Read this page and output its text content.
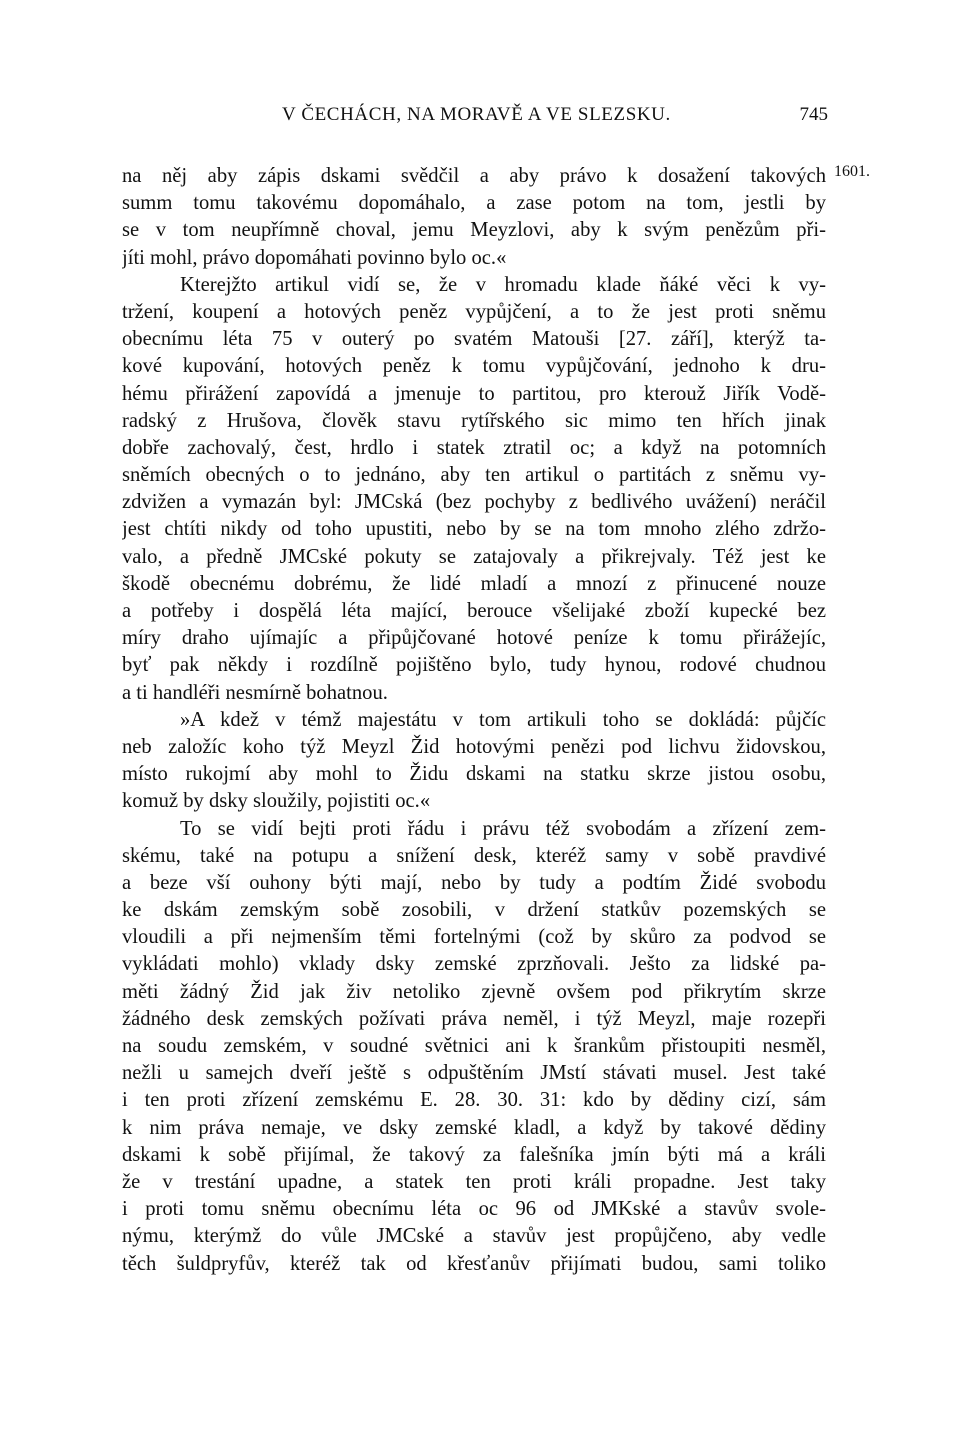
V ČECHÁCH, NA MORAVĚ A VE SLEZSKU.	745
1601.
na něj aby zápis dskami svědčil a aby právo k dosažení takových
summ tomu takovému dopomáhalo, a zase potom na tom, jestli by
se v tom neupřímně choval, jemu Meyzlovi, aby k svým penězům při-
jíti mohl, právo dopomáhati povinno bylo oc.«
Kterejžto artikul vidí se, že v hromadu klade ňáké věci k vy-
tržení, koupení a hotových peněz vypůjčení, a to že jest proti sněmu
obecnímu léta 75 v outerý po svatém Matouši [27. září], kterýž ta-
kové kupování, hotových peněz k tomu vypůjčování, jednoho k dru-
hému přirážení zapovídá a jmenuje to partitou, pro kterouž Jiřík Vodě-
radský z Hrušova, člověk stavu rytířského sic mimo ten hřích jinak
dobře zachovalý, čest, hrdlo i statek ztratil oc; a když na potomních
sněmích obecných o to jednáno, aby ten artikul o partitách z sněmu vy-
zdvižen a vymazán byl: JMCská (bez pochyby z bedlivého uvážení) neráčil
jest chtíti nikdy od toho upustiti, nebo by se na tom mnoho zlého zdržo-
valo, a předně JMCské pokuty se zatajovaly a přikrejvaly. Též jest ke
škodě obecnému dobrému, že lidé mladí a mnozí z přinucené nouze
a potřeby i dospělá léta mající, berouce všelijaké zboží kupecké bez
míry draho ujímajíc a připůjčované hotové peníze k tomu přirážejíc,
byť pak někdy i rozdílně pojištěno bylo, tudy hynou, rodové chudnou
a ti handléři nesmírně bohatnou.
»A kdež v témž majestátu v tom artikuli toho se dokládá: půjčíc
neb založíc koho týž Meyzl Žid hotovými penězi pod lichvu židovskou,
místo rukojmí aby mohl to Židu dskami na statku skrze jistou osobu,
komuž by dsky sloužily, pojistiti oc.«
To se vidí bejti proti řádu i právu též svobodám a zřízení zem-
skému, také na potupu a snížení desk, kteréž samy v sobě pravdivé
a beze vší ouhony býti mají, nebo by tudy a podtím Židé svobodu
ke dskám zemským sobě zosobili, v držení statkův pozemských se
vloudili a při nejmenším těmi fortelnými (což by skůro za podvod se
vykládati mohlo) vklady dsky zemské zprzňovali. Ješto za lidské pa-
měti žádný Žid jak živ netoliko zjevně ovšem pod přikrytím skrze
žádného desk zemských požívati práva neměl, i týž Meyzl, maje rozepři
na soudu zemském, v soudné světnici ani k šrankům přistoupiti nesměl,
nežli u samejch dveří ještě s odpuštěním JMstí stávati musel. Jest také
i ten proti zřízení zemskému E. 28. 30. 31: kdo by dědiny cizí, sám
k nim práva nemaje, ve dsky zemské kladl, a když by takové dědiny
dskami k sobě přijímal, že takový za falešníka jmín býti má a králi
že v trestání upadne, a statek ten proti králi propadne. Jest taky
i proti tomu sněmu obecnímu léta oc 96 od JMKské a stavův svole-
nýmu, kterýmž do vůle JMCské a stavův jest propůjčeno, aby vedle
těch šuldpryfův, kteréž tak od křesťanův přijímati budou, sami toliko
